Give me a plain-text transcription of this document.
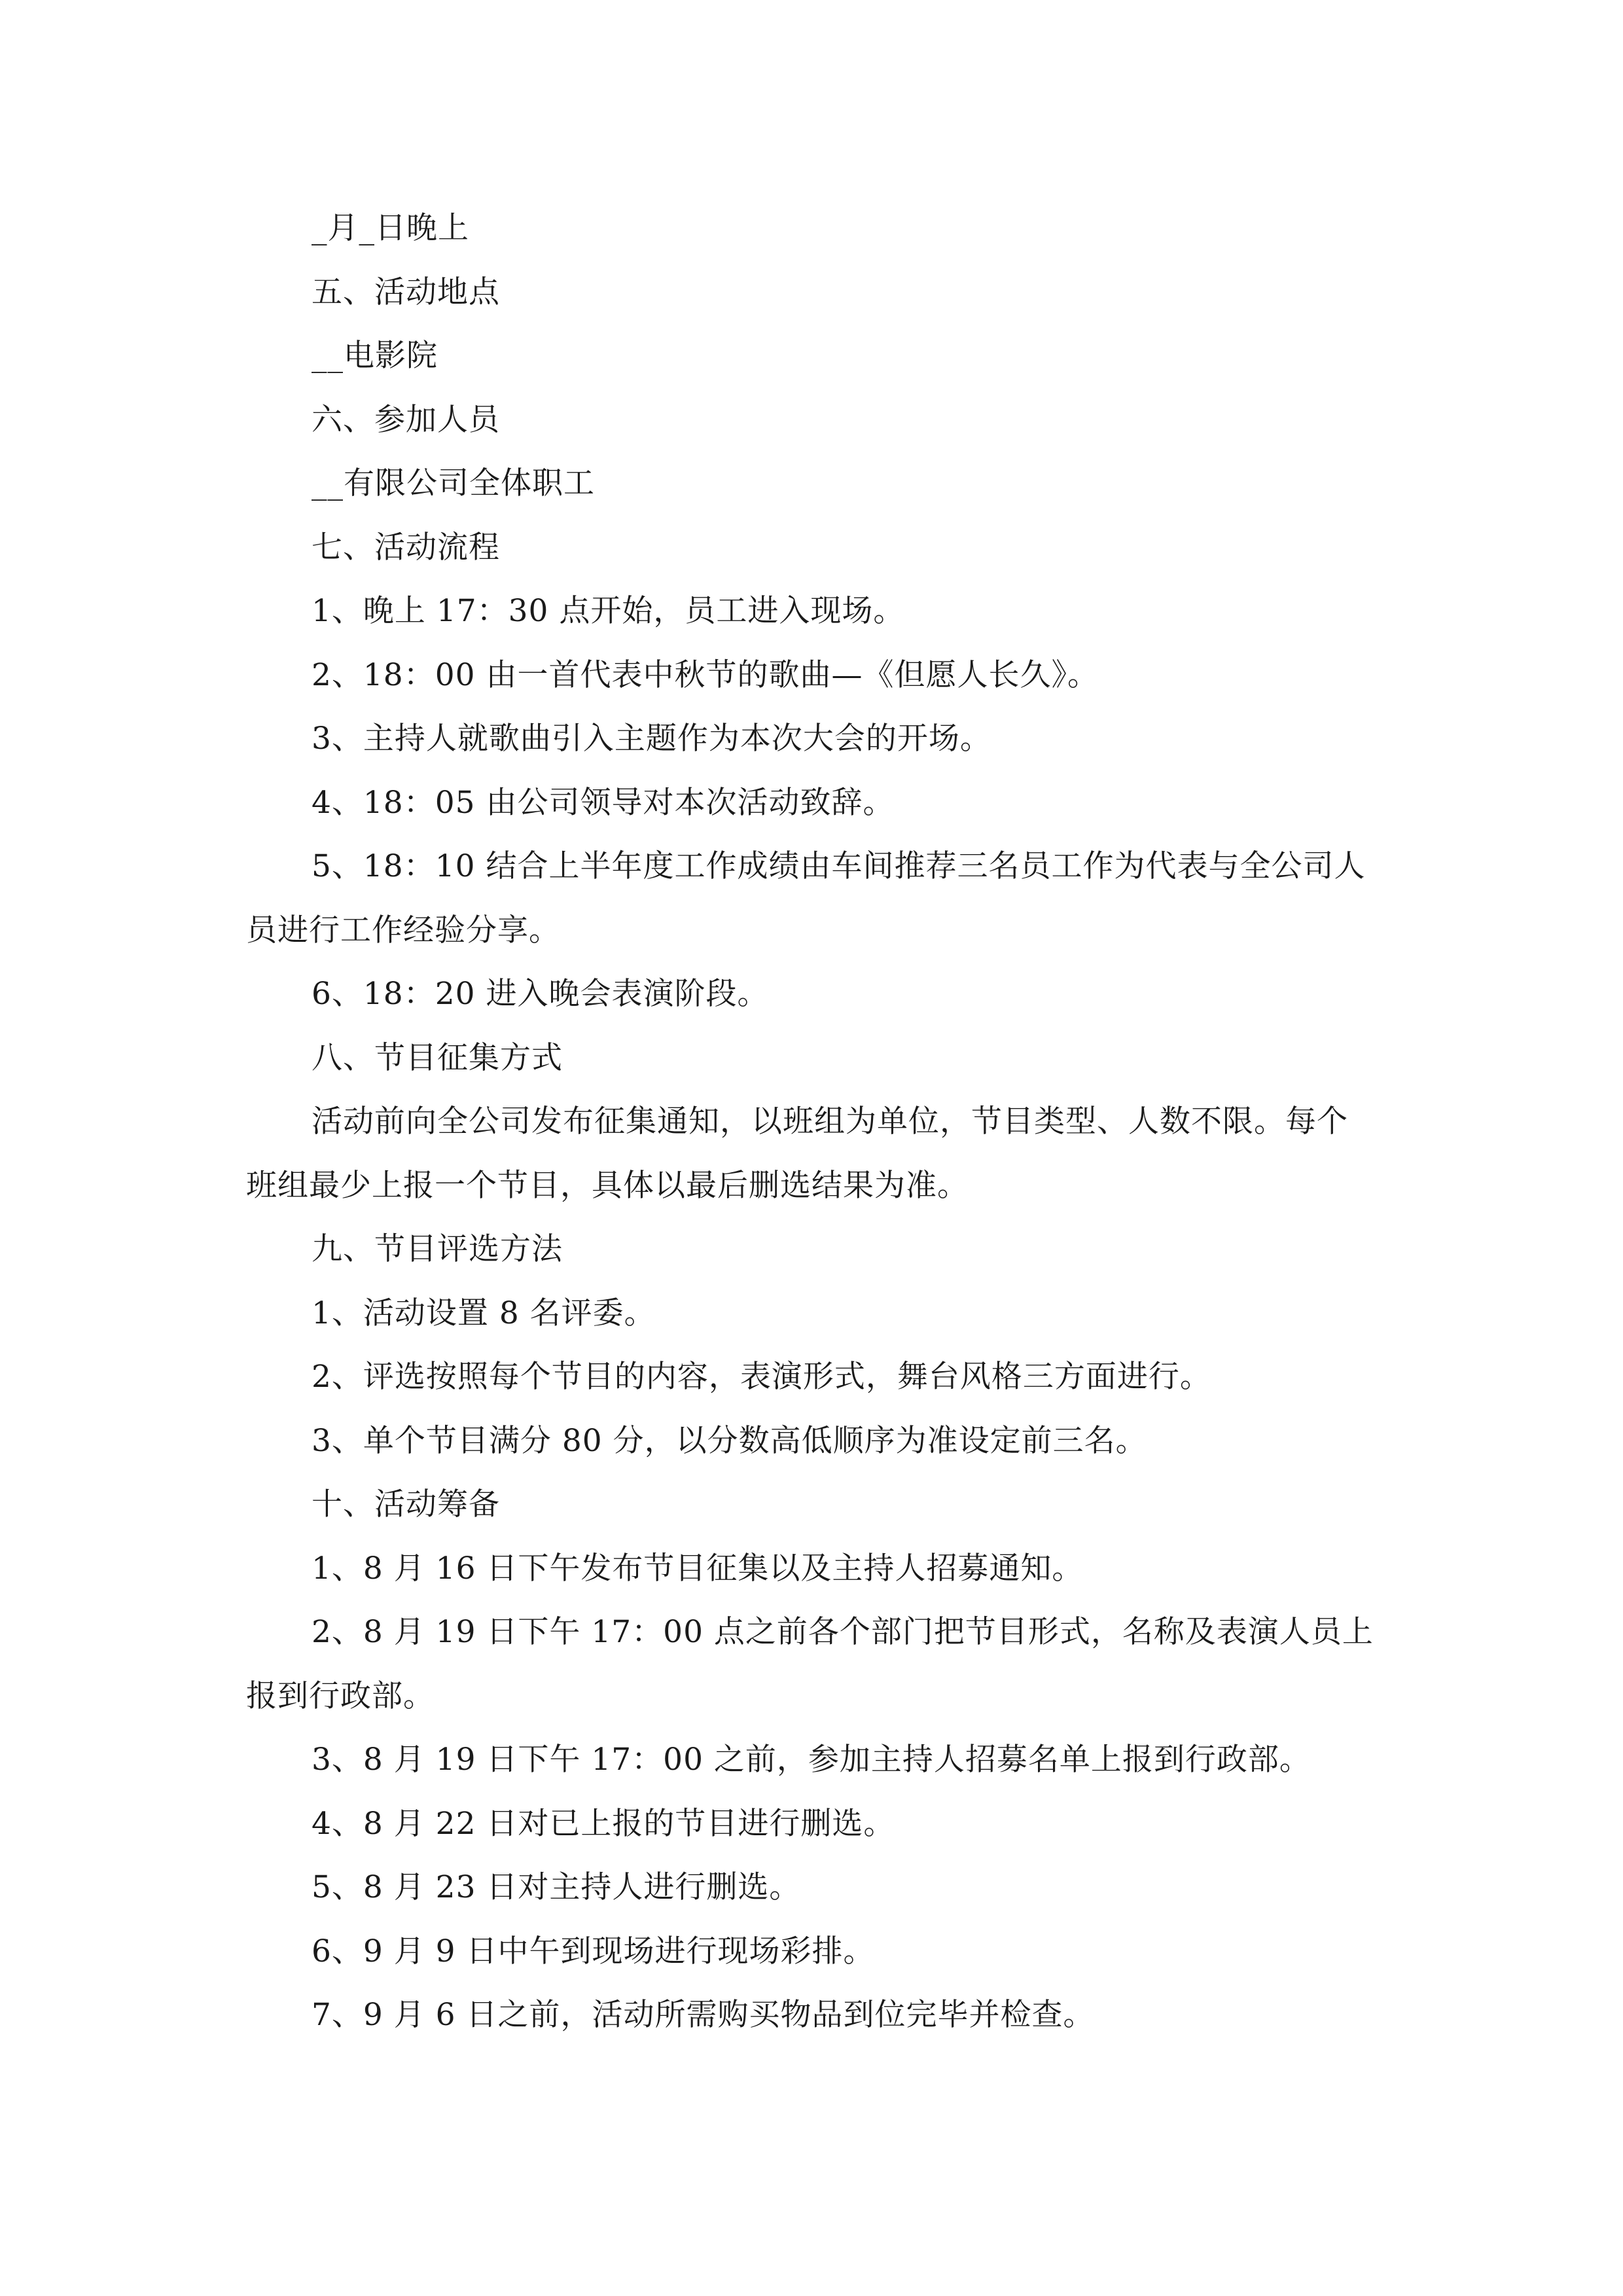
_月_日晚上
五、活动地点
__电影院
六、参加人员
__有限公司全体职工
七、活动流程
1、晚上 17：30 点开始，员工进入现场。
2、18：00 由一首代表中秋节的歌曲—《但愿人长久》。
3、主持人就歌曲引入主题作为本次大会的开场。
4、18：05 由公司领导对本次活动致辞。
5、18：10 结合上半年度工作成绩由车间推荐三名员工作为代表与全公司人
员进行工作经验分享。
6、18：20 进入晚会表演阶段。
八、节目征集方式
活动前向全公司发布征集通知，以班组为单位，节目类型、人数不限。每个
班组最少上报一个节目，具体以最后删选结果为准。
九、节目评选方法
1、活动设置 8 名评委。
2、评选按照每个节目的内容，表演形式，舞台风格三方面进行。
3、单个节目满分 80 分，以分数高低顺序为准设定前三名。
十、活动筹备
1、8 月 16 日下午发布节目征集以及主持人招募通知。
2、8 月 19 日下午 17：00 点之前各个部门把节目形式，名称及表演人员上
报到行政部。
3、8 月 19 日下午 17：00 之前，参加主持人招募名单上报到行政部。
4、8 月 22 日对已上报的节目进行删选。
5、8 月 23 日对主持人进行删选。
6、9 月 9 日中午到现场进行现场彩排。
7、9 月 6 日之前，活动所需购买物品到位完毕并检查。
